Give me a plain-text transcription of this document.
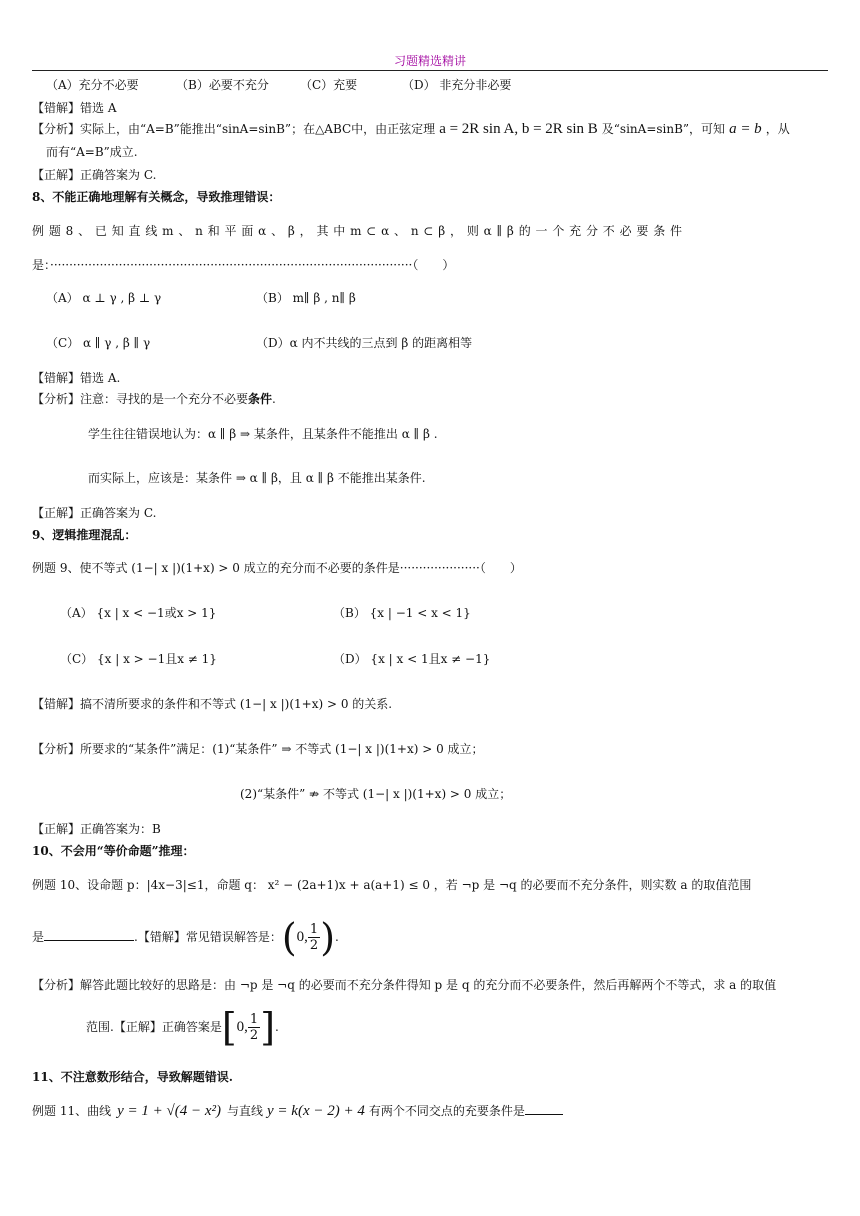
习题精选精讲
（A）充分不必要	（B）必要不充分	（C）充要	（D） 非充分非必要
【错解】错选 A
【分析】实际上，由“A=B”能推出“sinA=sinB”；在△ABC中，由正弦定理 a = 2R sin A, b = 2R sin B 及“sinA=sinB”，可知 a = b ，从
而有“A=B”成立.
【正解】正确答案为 C.
8、不能正确地理解有关概念，导致推理错误：
例 题 8 、 已 知 直 线 m 、 n 和 平 面 α 、 β ， 其 中 m ⊂ α 、 n ⊂ β ， 则 α ∥ β 的 一 个 充 分 不 必 要 条 件
是：·······························································································（　　）
（A） α ⊥ γ , β ⊥ γ	（B） m∥ β , n∥ β
（C） α ∥ γ , β ∥ γ	（D）α 内不共线的三点到 β 的距离相等
【错解】错选 A.
【分析】注意：寻找的是一个充分不必要条件.
学生往往错误地认为：α ∥ β ⇒ 某条件，且某条件不能推出 α ∥ β .
而实际上，应该是：某条件 ⇒ α ∥ β，且 α ∥ β 不能推出某条件.
【正解】正确答案为 C.
9、逻辑推理混乱：
例题 9、使不等式 (1−| x |)(1+x) > 0 成立的充分而不必要的条件是·····················（　　）
（A） {x | x < −1或x > 1}	（B） {x | −1 < x < 1}
（C） {x | x > −1且x ≠ 1}	（D） {x | x < 1且x ≠ −1}
【错解】搞不清所要求的条件和不等式 (1−| x |)(1+x) > 0 的关系.
【分析】所要求的“某条件”满足：(1)“某条件” ⇒ 不等式 (1−| x |)(1+x) > 0 成立；
(2)“某条件” ⇏ 不等式 (1−| x |)(1+x) > 0 成立；
【正解】正确答案为：B
10、不会用“等价命题”推理：
例题 10、设命题 p：|4x−3|≤1，命题 q： x² − (2a+1)x + a(a+1) ≤ 0 ，若 ¬p 是 ¬q 的必要而不充分条件，则实数 a 的取值范围
是	.【错解】常见错误解答是：(0, $\frac{1}{2}$ ).
【分析】解答此题比较好的思路是：由 ¬p 是 ¬q 的必要而不充分条件得知 p 是 q 的充分而不必要条件，然后再解两个不等式，求 a 的取值
范围.【正解】正确答案是[0, $\frac{1}{2}$ ].
11、不注意数形结合，导致解题错误.
例题 11、曲线 y = 1 + √(4 − x²) 与直线 y = k(x − 2) + 4 有两个不同交点的充要条件是
